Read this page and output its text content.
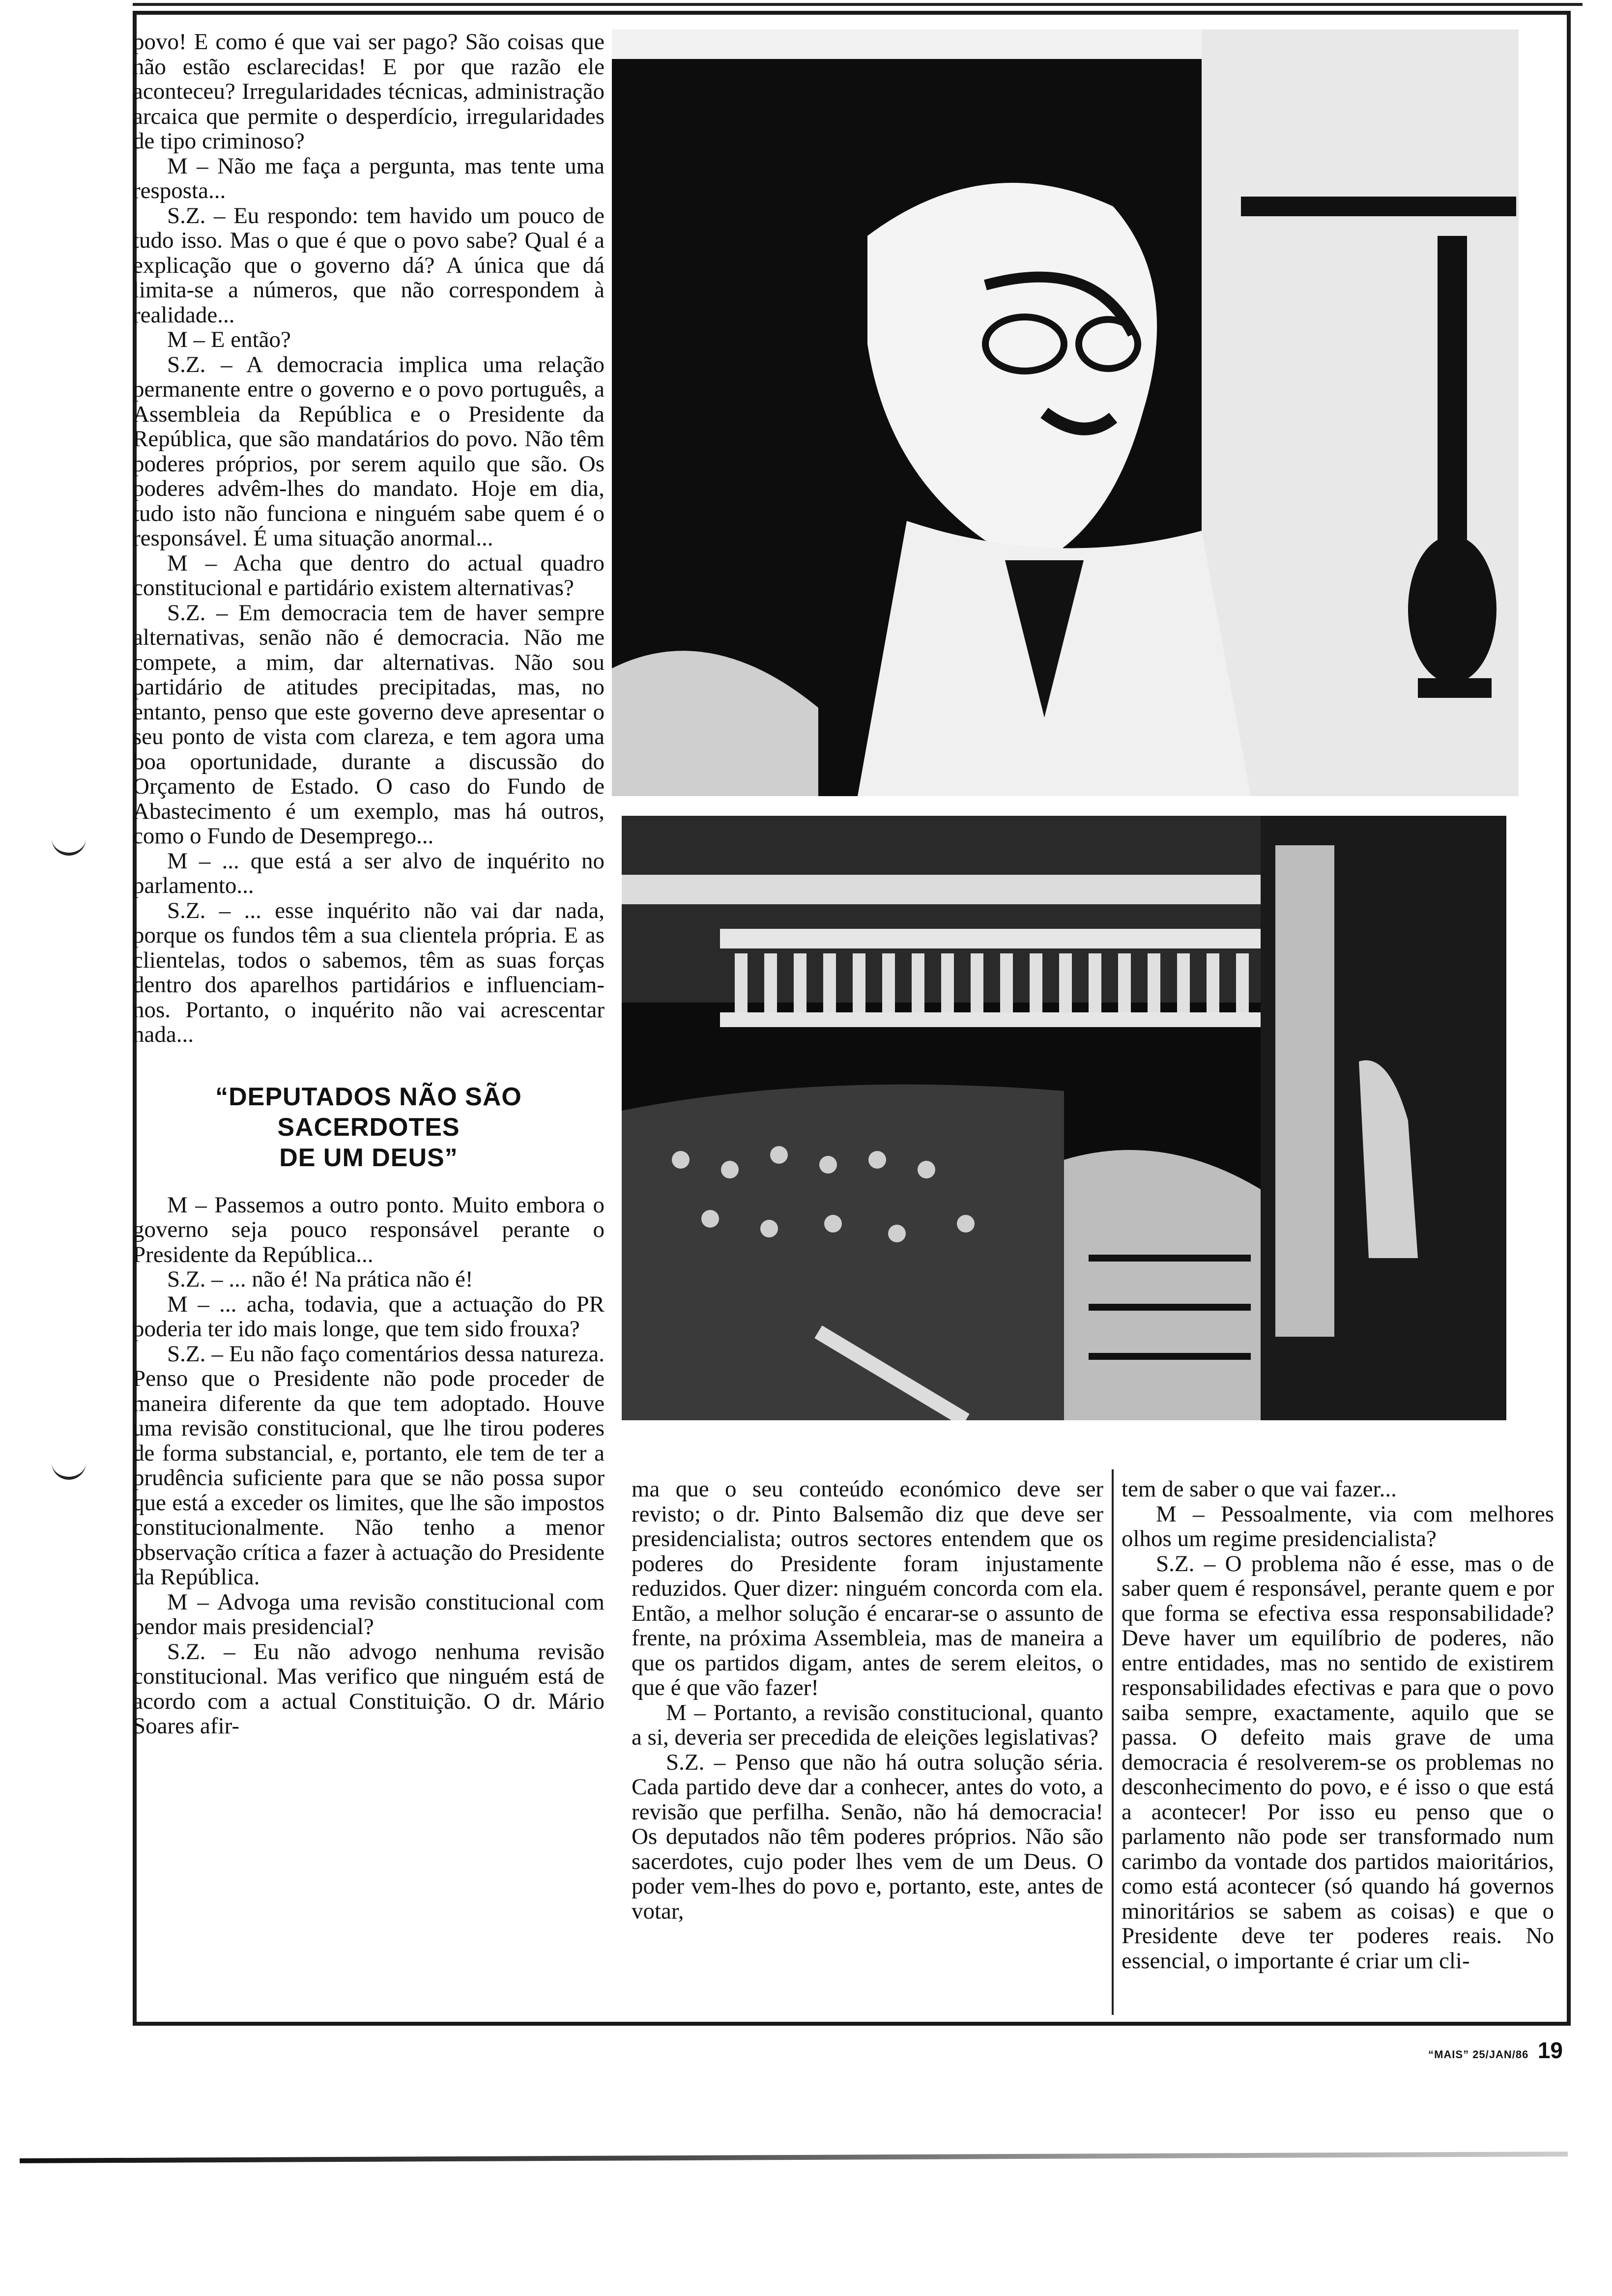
povo! E como é que vai ser pago? São coisas que não estão esclarecidas! E por que razão ele aconteceu? Irregularidades técnicas, administração arcaica que permite o desperdício, irregularidades de tipo criminoso?

M – Não me faça a pergunta, mas tente uma resposta...

S.Z. – Eu respondo: tem havido um pouco de tudo isso. Mas o que é que o povo sabe? Qual é a explicação que o governo dá? A única que dá limita-se a números, que não correspondem à realidade...

M – E então?

S.Z. – A democracia implica uma relação permanente entre o governo e o povo português, a Assembleia da República e o Presidente da República, que são mandatários do povo. Não têm poderes próprios, por serem aquilo que são. Os poderes advêm-lhes do mandato. Hoje em dia, tudo isto não funciona e ninguém sabe quem é o responsável. É uma situação anormal...

M – Acha que dentro do actual quadro constitucional e partidário existem alternativas?

S.Z. – Em democracia tem de haver sempre alternativas, senão não é democracia. Não me compete, a mim, dar alternativas. Não sou partidário de atitudes precipitadas, mas, no entanto, penso que este governo deve apresentar o seu ponto de vista com clareza, e tem agora uma boa oportunidade, durante a discussão do Orçamento de Estado. O caso do Fundo de Abastecimento é um exemplo, mas há outros, como o Fundo de Desemprego...

M – ... que está a ser alvo de inquérito no parlamento...

S.Z. – ... esse inquérito não vai dar nada, porque os fundos têm a sua clientela própria. E as clientelas, todos o sabemos, têm as suas forças dentro dos aparelhos partidários e influenciam-nos. Portanto, o inquérito não vai acrescentar nada...

“DEPUTADOS NÃO SÃO SACERDOTES
DE UM DEUS”

M – Passemos a outro ponto. Muito embora o governo seja pouco responsável perante o Presidente da República...

S.Z. – ... não é! Na prática não é!

M – ... acha, todavia, que a actuação do PR poderia ter ido mais longe, que tem sido frouxa?

S.Z. – Eu não faço comentários dessa natureza. Penso que o Presidente não pode proceder de maneira diferente da que tem adoptado. Houve uma revisão constitucional, que lhe tirou poderes de forma substancial, e, portanto, ele tem de ter a prudência suficiente para que se não possa supor que está a exceder os limites, que lhe são impostos constitucionalmente. Não tenho a menor observação crítica a fazer à actuação do Presidente da República.

M – Advoga uma revisão constitucional com pendor mais presidencial?

S.Z. – Eu não advogo nenhuma revisão constitucional. Mas verifico que ninguém está de acordo com a actual Constituição. O dr. Mário Soares afir-

ma que o seu conteúdo económico deve ser revisto; o dr. Pinto Balsemão diz que deve ser presidencialista; outros sectores entendem que os poderes do Presidente foram injustamente reduzidos. Quer dizer: ninguém concorda com ela. Então, a melhor solução é encarar-se o assunto de frente, na próxima Assembleia, mas de maneira a que os partidos digam, antes de serem eleitos, o que é que vão fazer!

M – Portanto, a revisão constitucional, quanto a si, deveria ser precedida de eleições legislativas?

S.Z. – Penso que não há outra solução séria. Cada partido deve dar a conhecer, antes do voto, a revisão que perfilha. Senão, não há democracia! Os deputados não têm poderes próprios. Não são sacerdotes, cujo poder lhes vem de um Deus. O poder vem-lhes do povo e, portanto, este, antes de votar,

tem de saber o que vai fazer...

M – Pessoalmente, via com melhores olhos um regime presidencialista?

S.Z. – O problema não é esse, mas o de saber quem é responsável, perante quem e por que forma se efectiva essa responsabilidade? Deve haver um equilíbrio de poderes, não entre entidades, mas no sentido de existirem responsabilidades efectivas e para que o povo saiba sempre, exactamente, aquilo que se passa. O defeito mais grave de uma democracia é resolverem-se os problemas no desconhecimento do povo, e é isso o que está a acontecer! Por isso eu penso que o parlamento não pode ser transformado num carimbo da vontade dos partidos maioritários, como está acontecer (só quando há governos minoritários se sabem as coisas) e que o Presidente deve ter poderes reais. No essencial, o importante é criar um cli-

“MAIS” 25/JAN/86 19
